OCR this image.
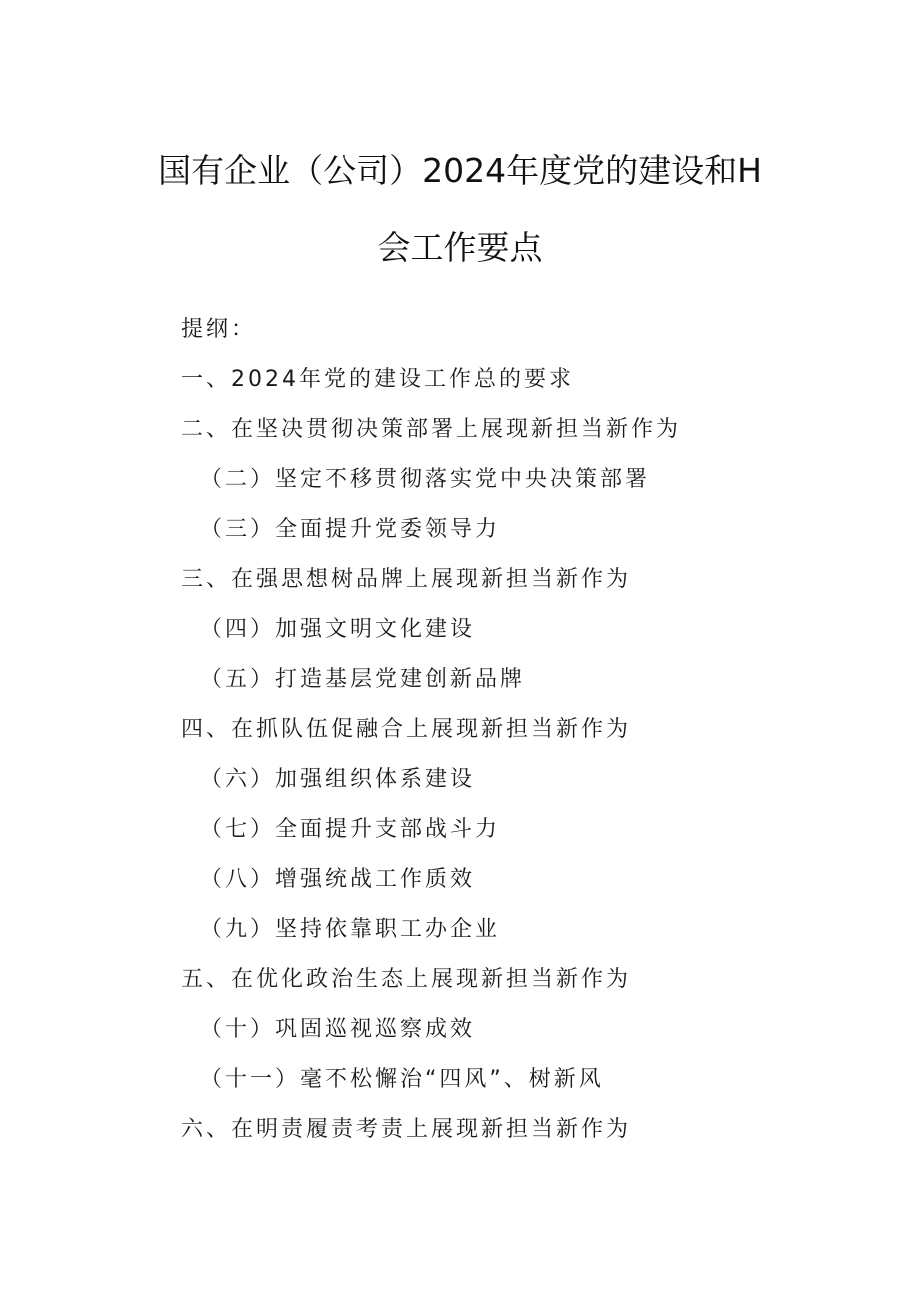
国有企业（公司）2024年度党的建设和H
会工作要点
提纲：
一、2024年党的建设工作总的要求
二、在坚决贯彻决策部署上展现新担当新作为
（二）坚定不移贯彻落实党中央决策部署
（三）全面提升党委领导力
三、在强思想树品牌上展现新担当新作为
（四）加强文明文化建设
（五）打造基层党建创新品牌
四、在抓队伍促融合上展现新担当新作为
（六）加强组织体系建设
（七）全面提升支部战斗力
（八）增强统战工作质效
（九）坚持依靠职工办企业
五、在优化政治生态上展现新担当新作为
（十）巩固巡视巡察成效
（十一）毫不松懈治“四风”、树新风
六、在明责履责考责上展现新担当新作为
